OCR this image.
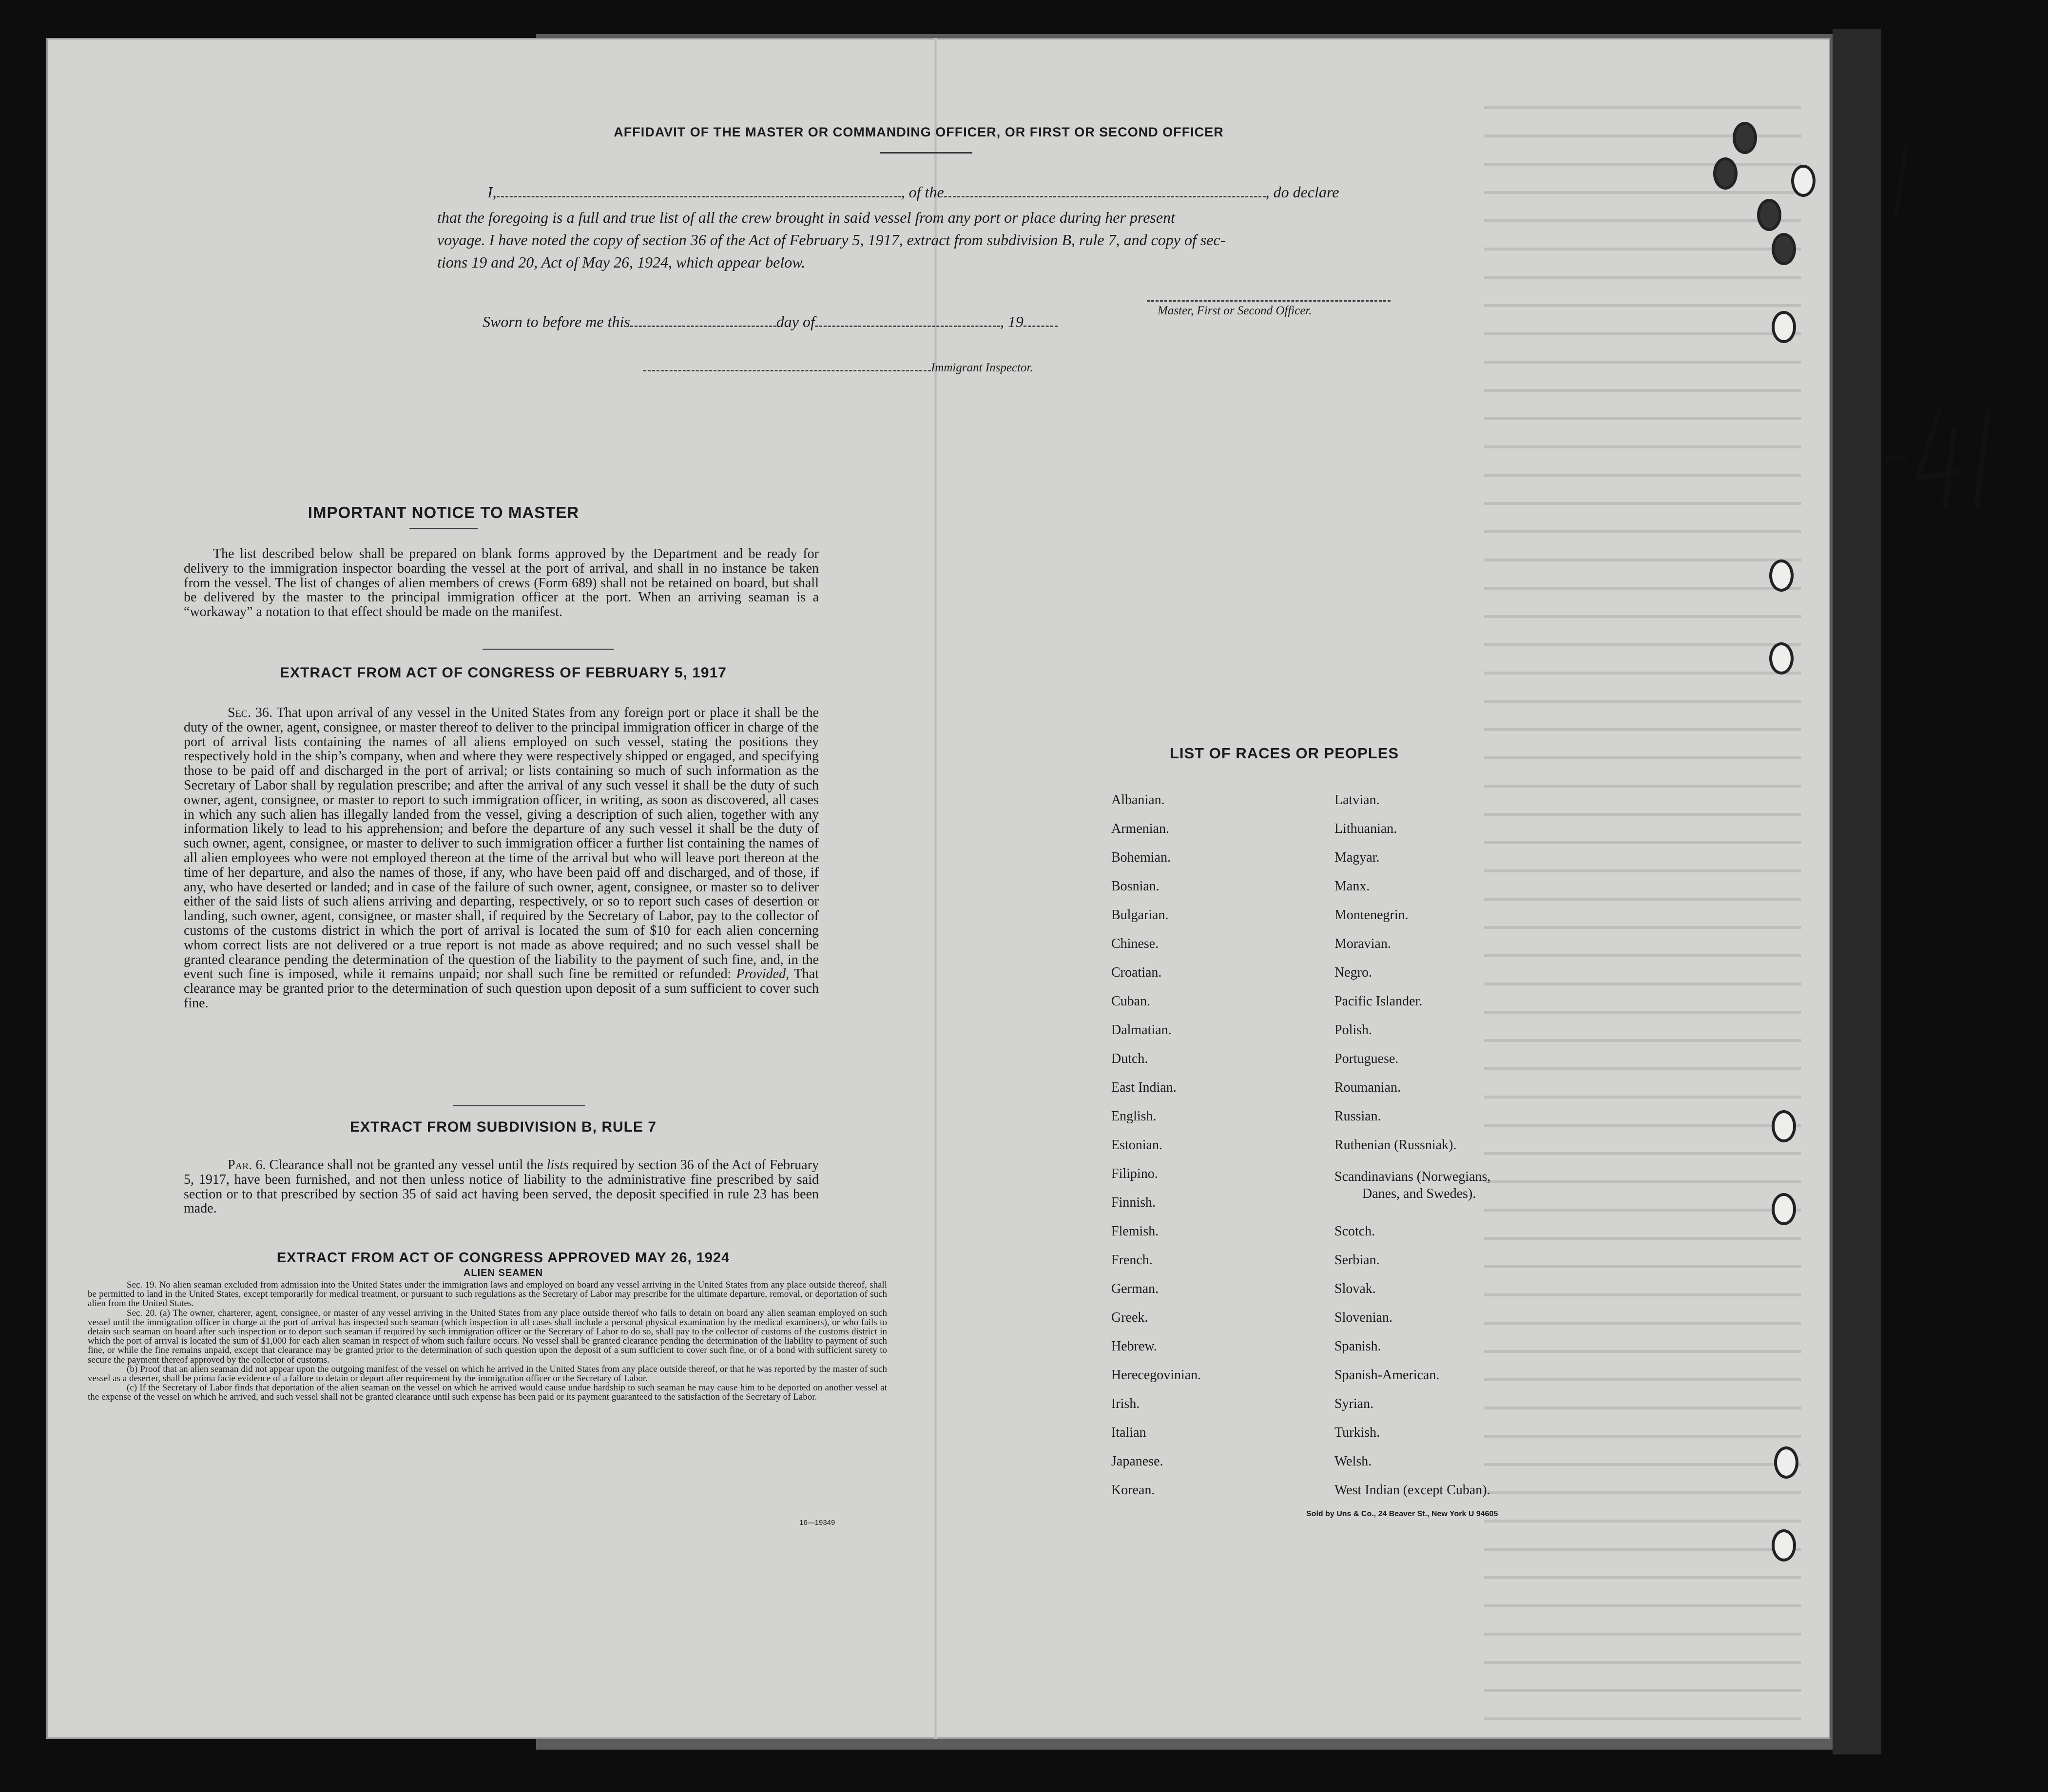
AFFIDAVIT OF THE MASTER OR COMMANDING OFFICER, OR FIRST OR SECOND OFFICER
I,	, of the	, do declare
that the foregoing is a full and true list of all the crew brought in said vessel from any port or place during her present
voyage. I have noted the copy of section 36 of the Act of February 5, 1917, extract from subdivision B, rule 7, and copy of sec-
tions 19 and 20, Act of May 26, 1924, which appear below.
Master, First or Second Officer.
Sworn to before me this	day of	, 19
Immigrant Inspector.
IMPORTANT NOTICE TO MASTER
The list described below shall be prepared on blank forms approved by the Department and be ready for delivery to the immigration inspector boarding the vessel at the port of arrival, and shall in no instance be taken from the vessel. The list of changes of alien members of crews (Form 689) shall not be retained on board, but shall be delivered by the master to the principal immigration officer at the port. When an arriving seaman is a “workaway” a notation to that effect should be made on the manifest.
EXTRACT FROM ACT OF CONGRESS OF FEBRUARY 5, 1917
Sec. 36. That upon arrival of any vessel in the United States from any foreign port or place it shall be the duty of the owner, agent, consignee, or master thereof to deliver to the principal immigration officer in charge of the port of arrival lists containing the names of all aliens employed on such vessel, stating the positions they respectively hold in the ship’s company, when and where they were respectively shipped or engaged, and specifying those to be paid off and discharged in the port of arrival; or lists containing so much of such information as the Secretary of Labor shall by regulation prescribe; and after the arrival of any such vessel it shall be the duty of such owner, agent, consignee, or master to report to such immigration officer, in writing, as soon as discovered, all cases in which any such alien has illegally landed from the vessel, giving a description of such alien, together with any information likely to lead to his apprehension; and before the departure of any such vessel it shall be the duty of such owner, agent, consignee, or master to deliver to such immigration officer a further list containing the names of all alien employees who were not employed thereon at the time of the arrival but who will leave port thereon at the time of her departure, and also the names of those, if any, who have been paid off and discharged, and of those, if any, who have deserted or landed; and in case of the failure of such owner, agent, consignee, or master so to deliver either of the said lists of such aliens arriving and departing, respectively, or so to report such cases of desertion or landing, such owner, agent, consignee, or master shall, if required by the Secretary of Labor, pay to the collector of customs of the customs district in which the port of arrival is located the sum of $10 for each alien concerning whom correct lists are not delivered or a true report is not made as above required; and no such vessel shall be granted clearance pending the determination of the question of the liability to the payment of such fine, and, in the event such fine is imposed, while it remains unpaid; nor shall such fine be remitted or refunded: Provided, That clearance may be granted prior to the determination of such question upon deposit of a sum sufficient to cover such fine.
EXTRACT FROM SUBDIVISION B, RULE 7
Par. 6. Clearance shall not be granted any vessel until the lists required by section 36 of the Act of February 5, 1917, have been furnished, and not then unless notice of liability to the administrative fine prescribed by said section or to that prescribed by section 35 of said act having been served, the deposit specified in rule 23 has been made.
EXTRACT FROM ACT OF CONGRESS APPROVED MAY 26, 1924
ALIEN SEAMEN
Sec. 19. No alien seaman excluded from admission into the United States under the immigration laws and employed on board any vessel arriving in the United States from any place outside thereof, shall be permitted to land in the United States, except temporarily for medical treatment, or pursuant to such regulations as the Secretary of Labor may prescribe for the ultimate departure, removal, or deportation of such alien from the United States.
Sec. 20. (a) The owner, charterer, agent, consignee, or master of any vessel arriving in the United States from any place outside thereof who fails to detain on board any alien seaman employed on such vessel until the immigration officer in charge at the port of arrival has inspected such seaman (which inspection in all cases shall include a personal physical examination by the medical examiners), or who fails to detain such seaman on board after such inspection or to deport such seaman if required by such immigration officer or the Secretary of Labor to do so, shall pay to the collector of customs of the customs district in which the port of arrival is located the sum of $1,000 for each alien seaman in respect of whom such failure occurs. No vessel shall be granted clearance pending the determination of the liability to payment of such fine, or while the fine remains unpaid, except that clearance may be granted prior to the determination of such question upon the deposit of a sum sufficient to cover such fine, or of a bond with sufficient surety to secure the payment thereof approved by the collector of customs.
(b) Proof that an alien seaman did not appear upon the outgoing manifest of the vessel on which he arrived in the United States from any place outside thereof, or that he was reported by the master of such vessel as a deserter, shall be prima facie evidence of a failure to detain or deport after requirement by the immigration officer or the Secretary of Labor.
(c) If the Secretary of Labor finds that deportation of the alien seaman on the vessel on which he arrived would cause undue hardship to such seaman he may cause him to be deported on another vessel at the expense of the vessel on which he arrived, and such vessel shall not be granted clearance until such expense has been paid or its payment guaranteed to the satisfaction of the Secretary of Labor.
16—19349
LIST OF RACES OR PEOPLES
Albanian.
Armenian.
Bohemian.
Bosnian.
Bulgarian.
Chinese.
Croatian.
Cuban.
Dalmatian.
Dutch.
East Indian.
English.
Estonian.
Filipino.
Finnish.
Flemish.
French.
German.
Greek.
Hebrew.
Herecegovinian.
Irish.
Italian
Japanese.
Korean.
Latvian.
Lithuanian.
Magyar.
Manx.
Montenegrin.
Moravian.
Negro.
Pacific Islander.
Polish.
Portuguese.
Roumanian.
Russian.
Ruthenian (Russniak).
Scandinavians (Norwegians,
Danes, and Swedes).
Scotch.
Serbian.
Slovak.
Slovenian.
Spanish.
Spanish-American.
Syrian.
Turkish.
Welsh.
West Indian (except Cuban).
Sold by Uns & Co., 24 Beaver St., New York U 94605
